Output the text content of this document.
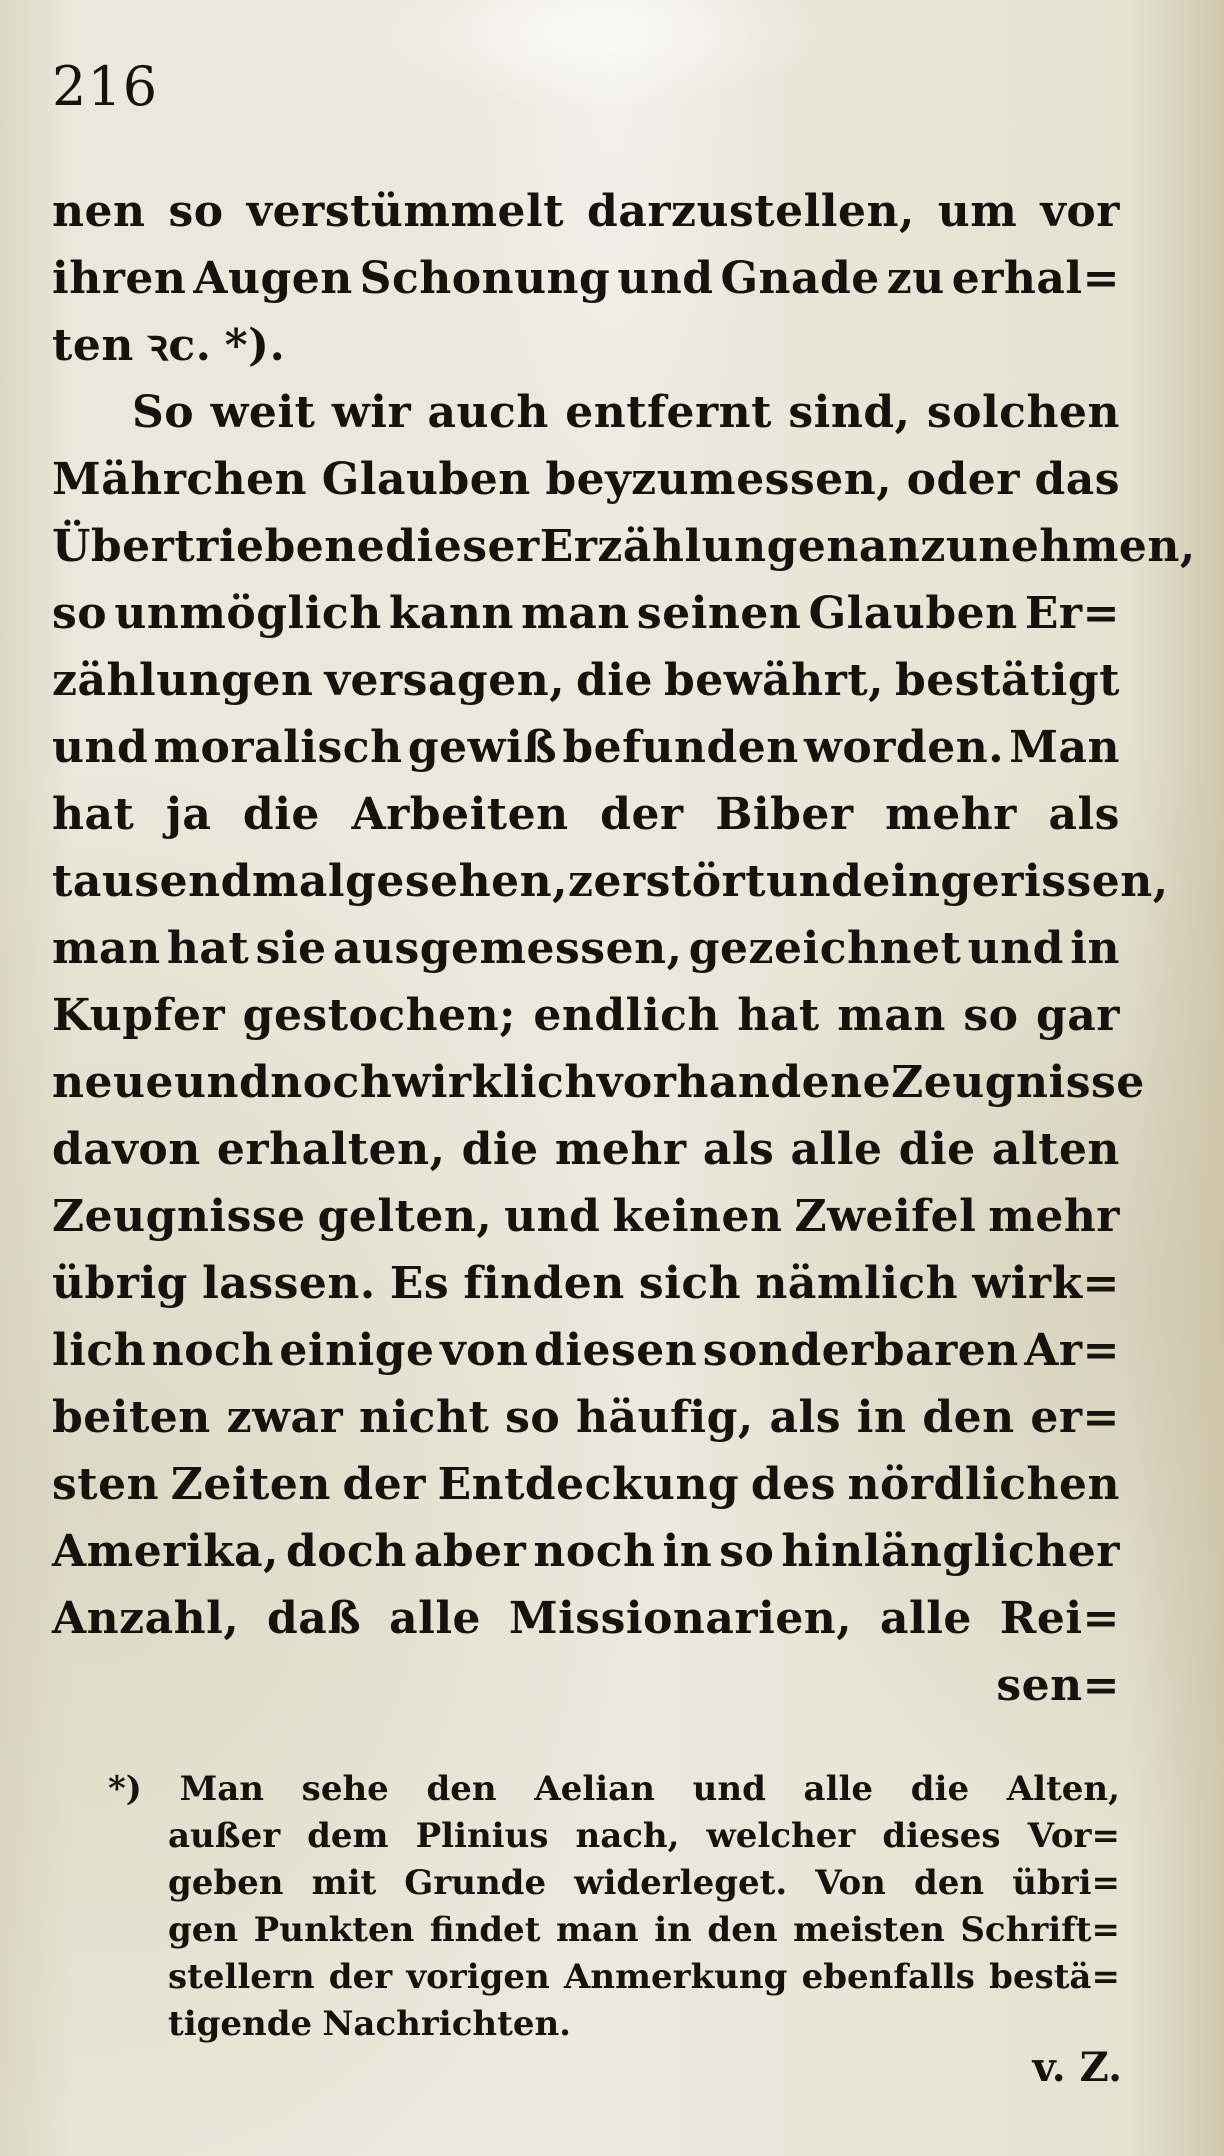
216
nen so verstümmelt darzustellen, um vor
ihren Augen Schonung und Gnade zu erhal=
ten ꝛc. *).
So weit wir auch entfernt sind, solchen
Mährchen Glauben beyzumessen, oder das
Übertriebene dieser Erzählungen anzunehmen,
so unmöglich kann man seinen Glauben Er=
zählungen versagen, die bewährt, bestätigt
und moralisch gewiß befunden worden. Man
hat ja die Arbeiten der Biber mehr als
tausendmal gesehen, zerstört und eingerissen,
man hat sie ausgemessen, gezeichnet und in
Kupfer gestochen; endlich hat man so gar
neue und noch wirklich vorhandene Zeugnisse
davon erhalten, die mehr als alle die alten
Zeugnisse gelten, und keinen Zweifel mehr
übrig lassen. Es finden sich nämlich wirk=
lich noch einige von diesen sonderbaren Ar=
beiten zwar nicht so häufig, als in den er=
sten Zeiten der Entdeckung des nördlichen
Amerika, doch aber noch in so hinlänglicher
Anzahl, daß alle Missionarien, alle Rei=
sen=
*) Man sehe den Aelian und alle die Alten,
außer dem Plinius nach, welcher dieses Vor=
geben mit Grunde widerleget. Von den übri=
gen Punkten findet man in den meisten Schrift=
stellern der vorigen Anmerkung ebenfalls bestä=
tigende Nachrichten.
v. Z.
